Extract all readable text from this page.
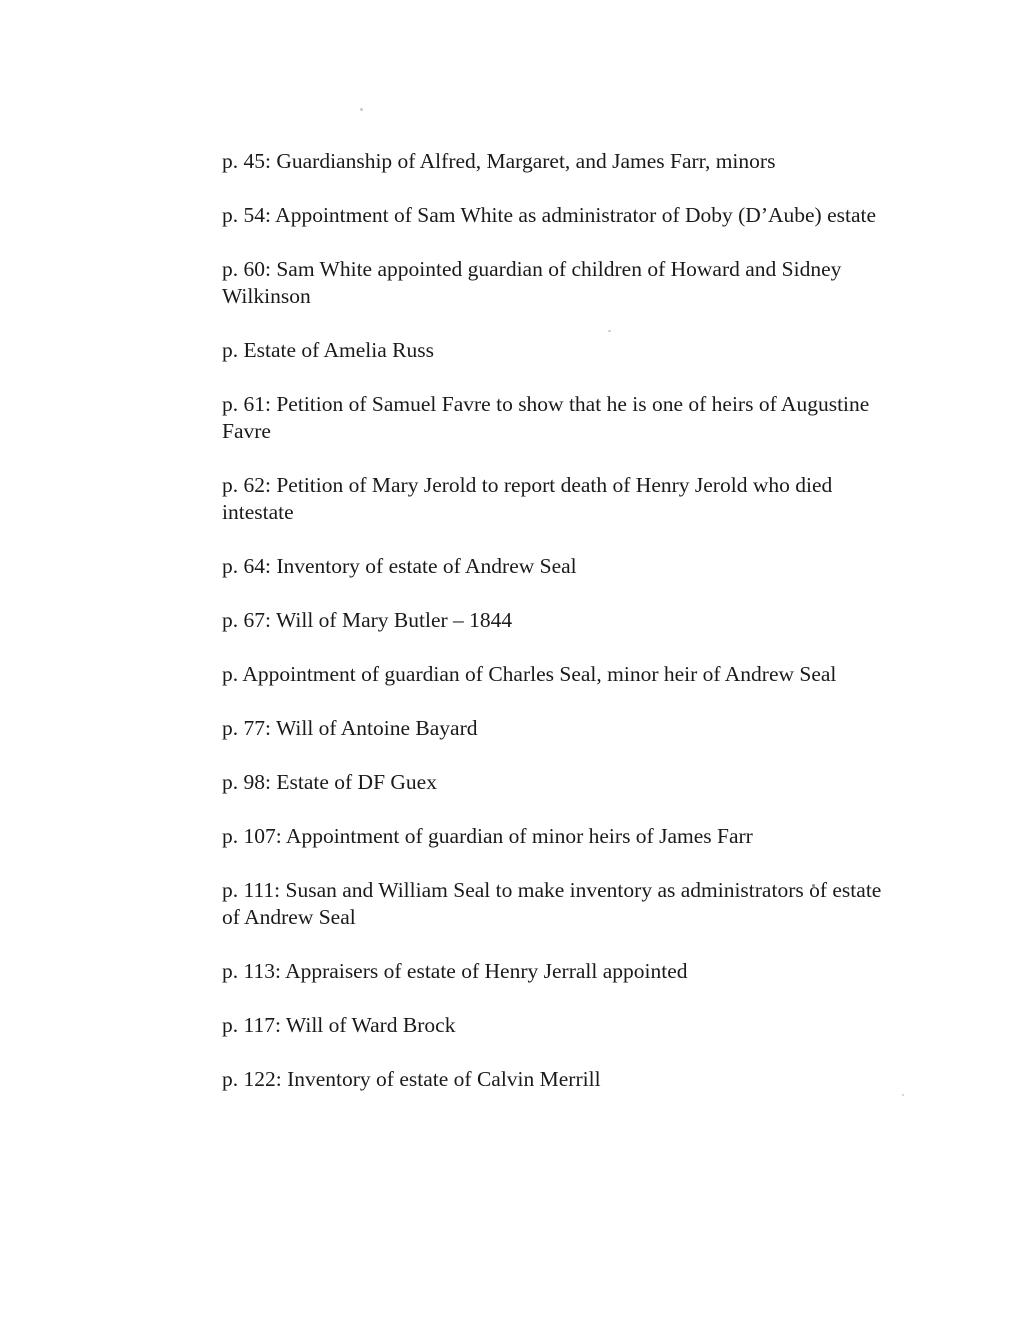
p. 45: Guardianship of Alfred, Margaret, and James Farr, minors
p. 54: Appointment of Sam White as administrator of Doby (D’Aube) estate
p. 60: Sam White appointed guardian of children of Howard and Sidney Wilkinson
p. Estate of Amelia Russ
p. 61: Petition of Samuel Favre to show that he is one of heirs of Augustine Favre
p. 62: Petition of Mary Jerold to report death of Henry Jerold who died intestate
p. 64: Inventory of estate of Andrew Seal
p. 67: Will of Mary Butler – 1844
p. Appointment of guardian of Charles Seal, minor heir of Andrew Seal
p. 77: Will of Antoine Bayard
p. 98: Estate of DF Guex
p. 107: Appointment of guardian of minor heirs of James Farr
p. 111: Susan and William Seal to make inventory as administrators of estate of Andrew Seal
p. 113: Appraisers of estate of Henry Jerrall appointed
p. 117: Will of Ward Brock
p. 122: Inventory of estate of Calvin Merrill
